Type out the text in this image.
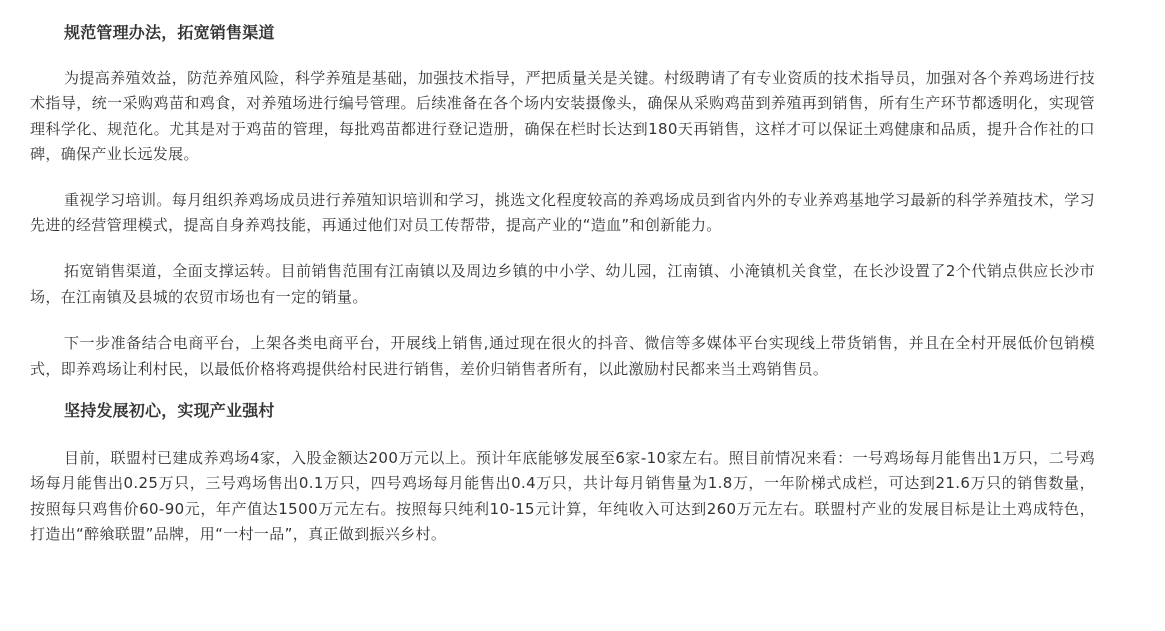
规范管理办法，拓宽销售渠道

为提高养殖效益，防范养殖风险，科学养殖是基础，加强技术指导，严把质量关是关键。村级聘请了有专业资质的技术指导员，加强对各个养鸡场进行技术指导，统一采购鸡苗和鸡食，对养殖场进行编号管理。后续准备在各个场内安装摄像头，确保从采购鸡苗到养殖再到销售，所有生产环节都透明化，实现管理科学化、规范化。尤其是对于鸡苗的管理，每批鸡苗都进行登记造册，确保在栏时长达到180天再销售，这样才可以保证土鸡健康和品质，提升合作社的口碑，确保产业长远发展。

重视学习培训。每月组织养鸡场成员进行养殖知识培训和学习，挑选文化程度较高的养鸡场成员到省内外的专业养鸡基地学习最新的科学养殖技术，学习先进的经营管理模式，提高自身养鸡技能，再通过他们对员工传帮带，提高产业的“造血”和创新能力。

拓宽销售渠道，全面支撑运转。目前销售范围有江南镇以及周边乡镇的中小学、幼儿园，江南镇、小淹镇机关食堂，在长沙设置了2个代销点供应长沙市场，在江南镇及县城的农贸市场也有一定的销量。

下一步准备结合电商平台，上架各类电商平台，开展线上销售,通过现在很火的抖音、微信等多媒体平台实现线上带货销售，并且在全村开展低价包销模式，即养鸡场让利村民，以最低价格将鸡提供给村民进行销售，差价归销售者所有，以此激励村民都来当土鸡销售员。

坚持发展初心，实现产业强村

目前，联盟村已建成养鸡场4家，入股金额达200万元以上。预计年底能够发展至6家-10家左右。照目前情况来看：一号鸡场每月能售出1万只，二号鸡场每月能售出0.25万只，三号鸡场售出0.1万只，四号鸡场每月能售出0.4万只，共计每月销售量为1.8万，一年阶梯式成栏，可达到21.6万只的销售数量，按照每只鸡售价60-90元，年产值达1500万元左右。按照每只纯利10-15元计算，年纯收入可达到260万元左右。联盟村产业的发展目标是让土鸡成特色，打造出“醉飨联盟”品牌，用“一村一品”，真正做到振兴乡村。
